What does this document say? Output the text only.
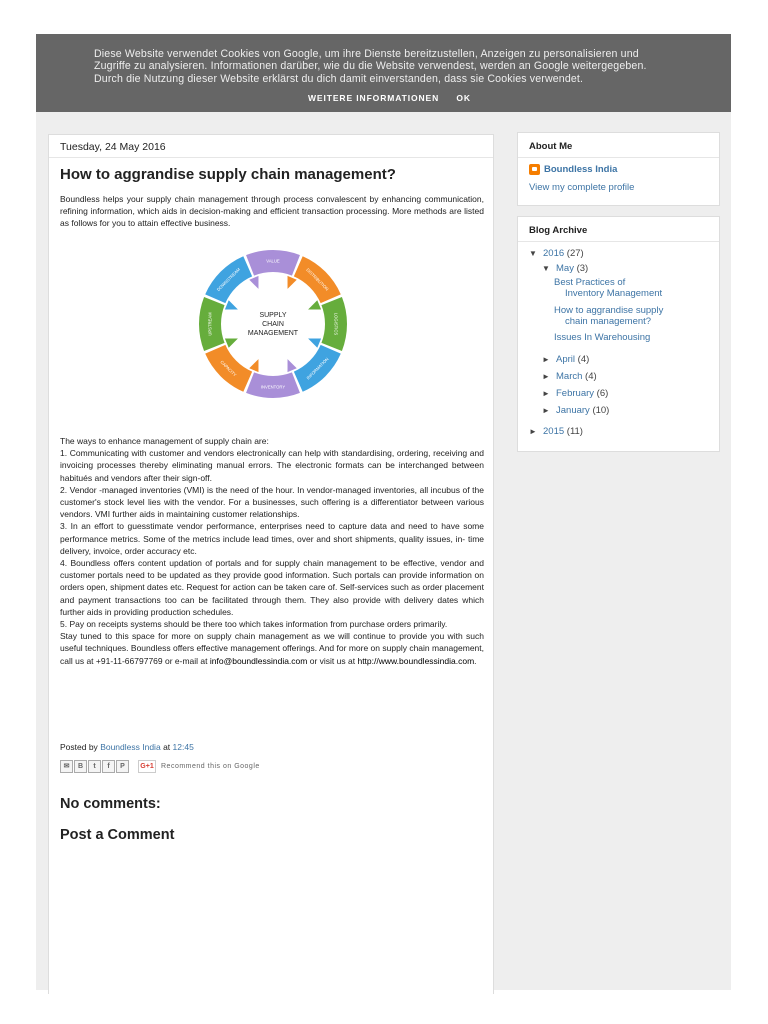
Diese Website verwendet Cookies von Google, um ihre Dienste bereitzustellen, Anzeigen zu personalisieren und
Zugriffe zu analysieren. Informationen darüber, wie du die Website verwendest, werden an Google weitergegeben.
Durch die Nutzung dieser Website erklärst du dich damit einverstanden, dass sie Cookies verwendet.
WEITERE INFORMATIONEN OK
Tuesday, 24 May 2016
How to aggrandise supply chain management?
Boundless helps your supply chain management through process convalescent by enhancing communication, refining information, which aids in decision-making and efficient transaction processing. More methods are listed as follows for you to attain effective business.
VALUE
DISTRIBUTION
LOGISTICS
INFORMATION
INVENTORY
CAPACITY
UPSTREAM
DOWNSTREAM
SUPPLY
CHAIN
MANAGEMENT

The ways to enhance management of supply chain are:

1. Communicating with customer and vendors electronically can help with standardising, ordering, receiving and invoicing processes thereby eliminating manual errors. The electronic formats can be interchanged between habitués and vendors after their sign-off.

2. Vendor -managed inventories (VMI) is the need of the hour. In vendor-managed inventories, all incubus of the customer's stock level lies with the vendor. For a businesses, such offering is a differentiator between various vendors. VMI further aids in maintaining customer relationships.

3. In an effort to guesstimate vendor performance, enterprises need to capture data and need to have some performance metrics. Some of the metrics include lead times, over and short shipments, quality issues, in- time delivery, invoice, order accuracy etc.

4. Boundless offers content updation of portals and for supply chain management to be effective, vendor and customer portals need to be updated as they provide good information. Such portals can provide information on orders open, shipment dates etc. Request for action can be taken care of. Self-services such as order placement and payment transactions too can be facilitated through them. They also provide with delivery dates which further aids in providing production schedules.

5. Pay on receipts systems should be there too which takes information from purchase orders primarily.

Stay tuned to this space for more on supply chain management as we will continue to provide you with such useful techniques. Boundless offers effective management offerings. And for more on supply chain management, call us at +91-11-66797769 or e-mail at info@boundlessindia.com or visit us at http://www.boundlessindia.com.

Posted by Boundless India at 12:45
✉	B	t	f	P	G+1	Recommend this on Google
No comments:
Post a Comment
About Me
Boundless India
View my complete profile
Blog Archive
▼ 2016 (27)
▼ May (3)
Best Practices of
Inventory Management
How to aggrandise supply
chain management?
Issues In Warehousing
► April (4)
► March (4)
► February (6)
► January (10)
► 2015 (11)
